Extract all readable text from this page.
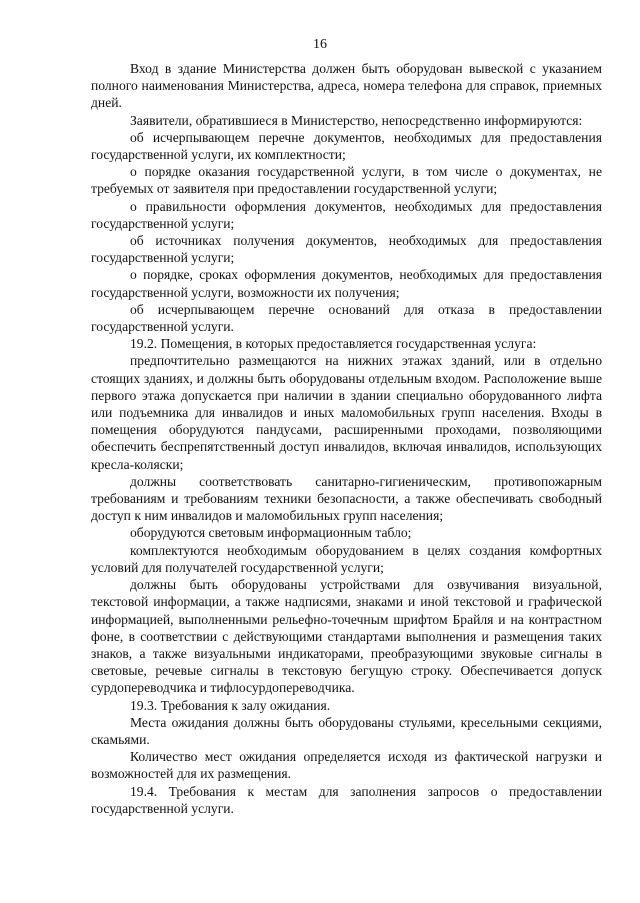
16

Вход в здание Министерства должен быть оборудован вывеской с указанием полного наименования Министерства, адреса, номера телефона для справок, приемных дней.

Заявители, обратившиеся в Министерство, непосредственно информируются:

об исчерпывающем перечне документов, необходимых для предоставления государственной услуги, их комплектности;

о порядке оказания государственной услуги, в том числе о документах, не требуемых от заявителя при предоставлении государственной услуги;

о правильности оформления документов, необходимых для предоставления государственной услуги;

об источниках получения документов, необходимых для предоставления государственной услуги;

о порядке, сроках оформления документов, необходимых для предоставления государственной услуги, возможности их получения;

об исчерпывающем перечне оснований для отказа в предоставлении государственной услуги.

19.2. Помещения, в которых предоставляется государственная услуга:

предпочтительно размещаются на нижних этажах зданий, или в отдельно стоящих зданиях, и должны быть оборудованы отдельным входом. Расположение выше первого этажа допускается при наличии в здании специально оборудованного лифта или подъемника для инвалидов и иных маломобильных групп населения. Входы в помещения оборудуются пандусами, расширенными проходами, позволяющими обеспечить беспрепятственный доступ инвалидов, включая инвалидов, использующих кресла-коляски;

должны соответствовать санитарно-гигиеническим, противопожарным требованиям и требованиям техники безопасности, а также обеспечивать свободный доступ к ним инвалидов и маломобильных групп населения;

оборудуются световым информационным табло;

комплектуются необходимым оборудованием в целях создания комфортных условий для получателей государственной услуги;

должны быть оборудованы устройствами для озвучивания визуальной, текстовой информации, а также надписями, знаками и иной текстовой и графической информацией, выполненными рельефно-точечным шрифтом Брайля и на контрастном фоне, в соответствии с действующими стандартами выполнения и размещения таких знаков, а также визуальными индикаторами, преобразующими звуковые сигналы в световые, речевые сигналы в текстовую бегущую строку. Обеспечивается допуск сурдопереводчика и тифлосурдопереводчика.

19.3. Требования к залу ожидания.

Места ожидания должны быть оборудованы стульями, кресельными секциями, скамьями.

Количество мест ожидания определяется исходя из фактической нагрузки и возможностей для их размещения.

19.4. Требования к местам для заполнения запросов о предоставлении государственной услуги.
